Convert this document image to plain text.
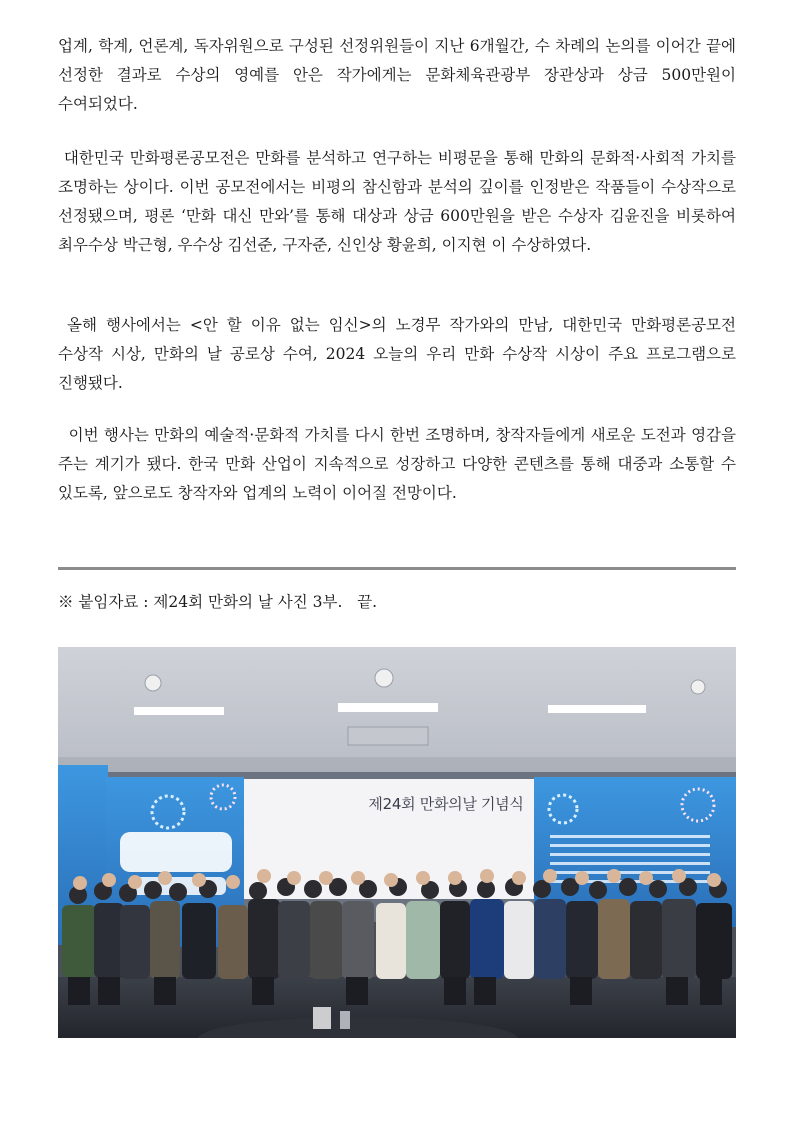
업계, 학계, 언론계, 독자위원으로 구성된 선정위원들이 지난 6개월간, 수 차례의 논의를 이어간 끝에 선정한 결과로 수상의 영예를 안은 작가에게는 문화체육관광부 장관상과 상금 500만원이 수여되었다.

대한민국 만화평론공모전은 만화를 분석하고 연구하는 비평문을 통해 만화의 문화적·사회적 가치를 조명하는 상이다. 이번 공모전에서는 비평의 참신함과 분석의 깊이를 인정받은 작품들이 수상작으로 선정됐으며, 평론 ‘만화 대신 만와’를 통해 대상과 상금 600만원을 받은 수상자 김윤진을 비롯하여 최우수상 박근형, 우수상 김선준, 구자준, 신인상 황윤희, 이지현 이 수상하였다.

올해 행사에서는 <안 할 이유 없는 임신>의 노경무 작가와의 만남, 대한민국 만화평론공모전 수상작 시상, 만화의 날 공로상 수여, 2024 오늘의 우리 만화 수상작 시상이 주요 프로그램으로 진행됐다.

이번 행사는 만화의 예술적·문화적 가치를 다시 한번 조명하며, 창작자들에게 새로운 도전과 영감을 주는 계기가 됐다. 한국 만화 산업이 지속적으로 성장하고 다양한 콘텐츠를 통해 대중과 소통할 수 있도록, 앞으로도 창작자와 업계의 노력이 이어질 전망이다.

※ 붙임자료 : 제24회 만화의 날 사진 3부.   끝.
제24회 만화의날 기념식
